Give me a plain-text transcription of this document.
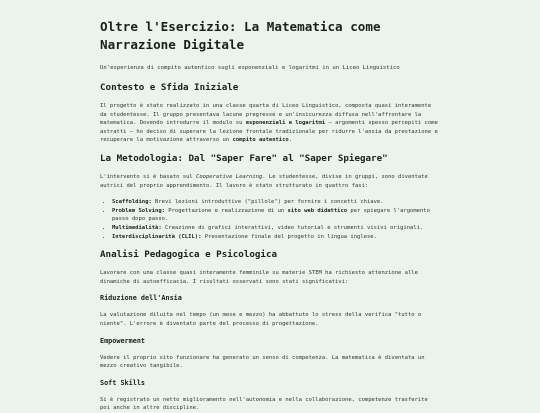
Oltre l'Esercizio: La Matematica come Narrazione Digitale

Un'esperienza di compito autentico sugli esponenziali e logaritmi in un Liceo Linguistico

Contesto e Sfida Iniziale

Il progetto è stato realizzato in una classe quarta di Liceo Linguistico, composta quasi interamente da studentesse. Il gruppo presentava lacune pregresse e un'insicurezza diffusa nell'affrontare la matematica. Dovendo introdurre il modulo su esponenziali e logaritmi — argomenti spesso percepiti come astratti — ho deciso di superare la lezione frontale tradizionale per ridurre l'ansia da prestazione e recuperare la motivazione attraverso un compito autentico.

La Metodologia: Dal "Saper Fare" al "Saper Spiegare"

L'intervento si è basato sul Cooperative Learning. Le studentesse, divise in gruppi, sono diventate autrici del proprio apprendimento. Il lavoro è stato strutturato in quattro fasi:

• Scaffolding: Brevi lezioni introduttive ("pillole") per fornire i concetti chiave.
• Problem Solving: Progettazione e realizzazione di un sito web didattico per spiegare l'argomento passo dopo passo.
• Multimedialità: Creazione di grafici interattivi, video tutorial e strumenti visivi originali.
• Interdisciplinarità (CLIL): Presentazione finale del progetto in lingua inglese.
Analisi Pedagogica e Psicologica

Lavorare con una classe quasi interamente femminile su materie STEM ha richiesto attenzione alle dinamiche di autoefficacia. I risultati osservati sono stati significativi:

Riduzione dell'Ansia

La valutazione diluita nel tempo (un mese e mezzo) ha abbattuto lo stress della verifica "tutto o niente". L'errore è diventato parte del processo di progettazione.

Empowerment

Vedere il proprio sito funzionare ha generato un senso di competenza. La matematica è diventata un mezzo creativo tangibile.

Soft Skills

Si è registrato un netto miglioramento nell'autonomia e nella collaborazione, competenze trasferite poi anche in altre discipline.
